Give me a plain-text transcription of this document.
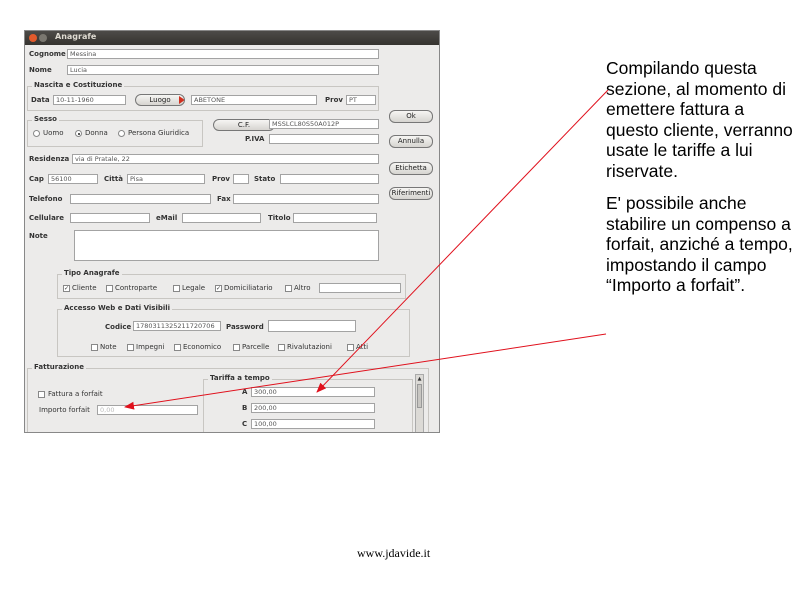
Anagrafe
Cognome Messina
Nome	Lucia
Nascita e Costituzione
Data 10-11-1960	Luogo	ABETONE	Prov PT
Sesso
Uomo	Donna	Persona Giuridica
C.F.	MSSLCL80S50A012P
P.IVA
Ok
Annulla
Etichetta
Riferimenti
Residenza via di Pratale, 22
Cap	56100	Città	Pisa	Prov	Stato
Telefono	Fax
Cellulare	eMail	Titolo
Note
Tipo Anagrafe
✓ Cliente	Controparte	Legale ✓ Domiciliatario	Altro
Accesso Web e Dati Visibili
Codice 1780311325211720706	Password
Note	Impegni	Economico	Parcelle	Rivalutazioni	Atti
Fatturazione
Fattura a forfait
Importo forfait	0,00
Tariffa a tempo
A	300,00
B	200,00
C	100,00
▲

Compilando questa sezione, al momento di emettere fattura a questo cliente, verranno usate le tariffe a lui riservate.

E' possibile anche stabilire un compenso a forfait, anziché a tempo, impostando il campo “Importo a forfait”.

www.jdavide.it
